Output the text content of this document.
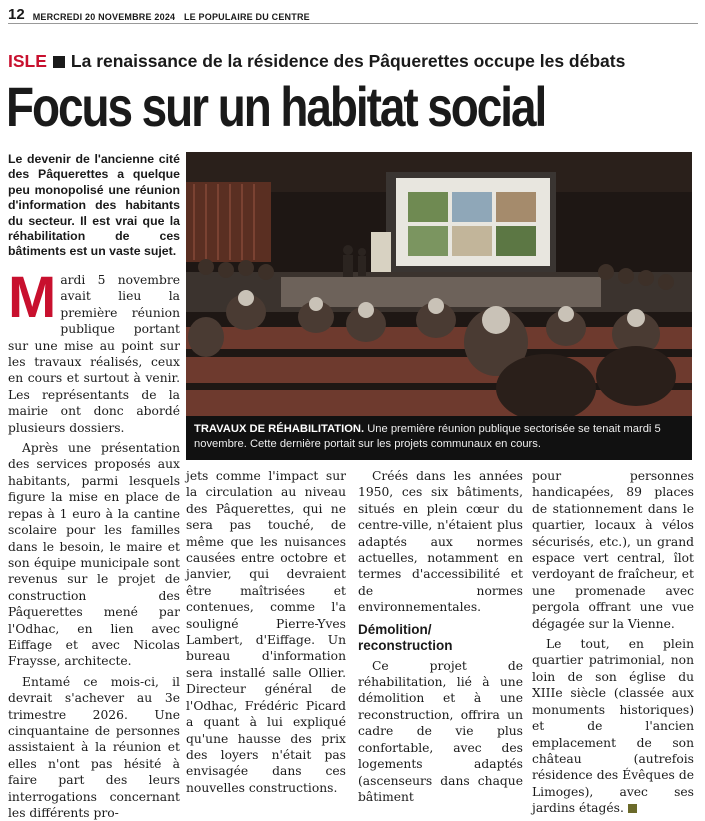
12 MERCREDI 20 NOVEMBRE 2024 LE POPULAIRE DU CENTRE
ISLE La renaissance de la résidence des Pâquerettes occupe les débats
Focus sur un habitat social
Le devenir de l'ancienne cité des Pâquerettes a quelque peu monopolisé une réunion d'information des habitants du secteur. Il est vrai que la réhabilitation de ces bâtiments est un vaste sujet.

Mardi 5 novembre avait lieu la première réunion publique portant sur une mise au point sur les travaux réalisés, ceux en cours et surtout à venir. Les représentants de la mairie ont donc abordé plusieurs dossiers.

Après une présentation des services proposés aux habitants, parmi lesquels figure la mise en place de repas à 1 euro à la cantine scolaire pour les familles dans le besoin, le maire et son équipe municipale sont revenus sur le projet de construction des Pâquerettes mené par l'Odhac, en lien avec Eiffage et avec Nicolas Fraysse, architecte.

Entamé ce mois-ci, il devrait s'achever au 3e trimestre 2026. Une cinquantaine de personnes assistaient à la réunion et elles n'ont pas hésité à faire part des leurs interrogations concernant les différents pro-

TRAVAUX DE RÉHABILITATION. Une première réunion publique sectorisée se tenait mardi 5 novembre. Cette dernière portait sur les projets communaux en cours.

jets comme l'impact sur la circulation au niveau des Pâquerettes, qui ne sera pas touché, de même que les nuisances causées entre octobre et janvier, qui devraient être maîtrisées et contenues, comme l'a souligné Pierre-Yves Lambert, d'Eiffage. Un bureau d'information sera installé salle Ollier. Directeur général de l'Odhac, Frédéric Picard a quant à lui expliqué qu'une hausse des prix des loyers n'était pas envisagée dans ces nouvelles constructions.

Créés dans les années 1950, ces six bâtiments, situés en plein cœur du centre-ville, n'étaient plus adaptés aux normes actuelles, notamment en termes d'accessibilité et de normes environnementales.

Démolition/ reconstruction

Ce projet de réhabilitation, lié à une démolition et à une reconstruction, offrira un cadre de vie plus confortable, avec des logements adaptés (ascenseurs dans chaque bâtiment

pour personnes handicapées, 89 places de stationnement dans le quartier, locaux à vélos sécurisés, etc.), un grand espace vert central, îlot verdoyant de fraîcheur, et une promenade avec pergola offrant une vue dégagée sur la Vienne.

Le tout, en plein quartier patrimonial, non loin de son église du XIIIe siècle (classée aux monuments historiques) et de l'ancien emplacement de son château (autrefois résidence des Évêques de Limoges), avec ses jardins étagés.
